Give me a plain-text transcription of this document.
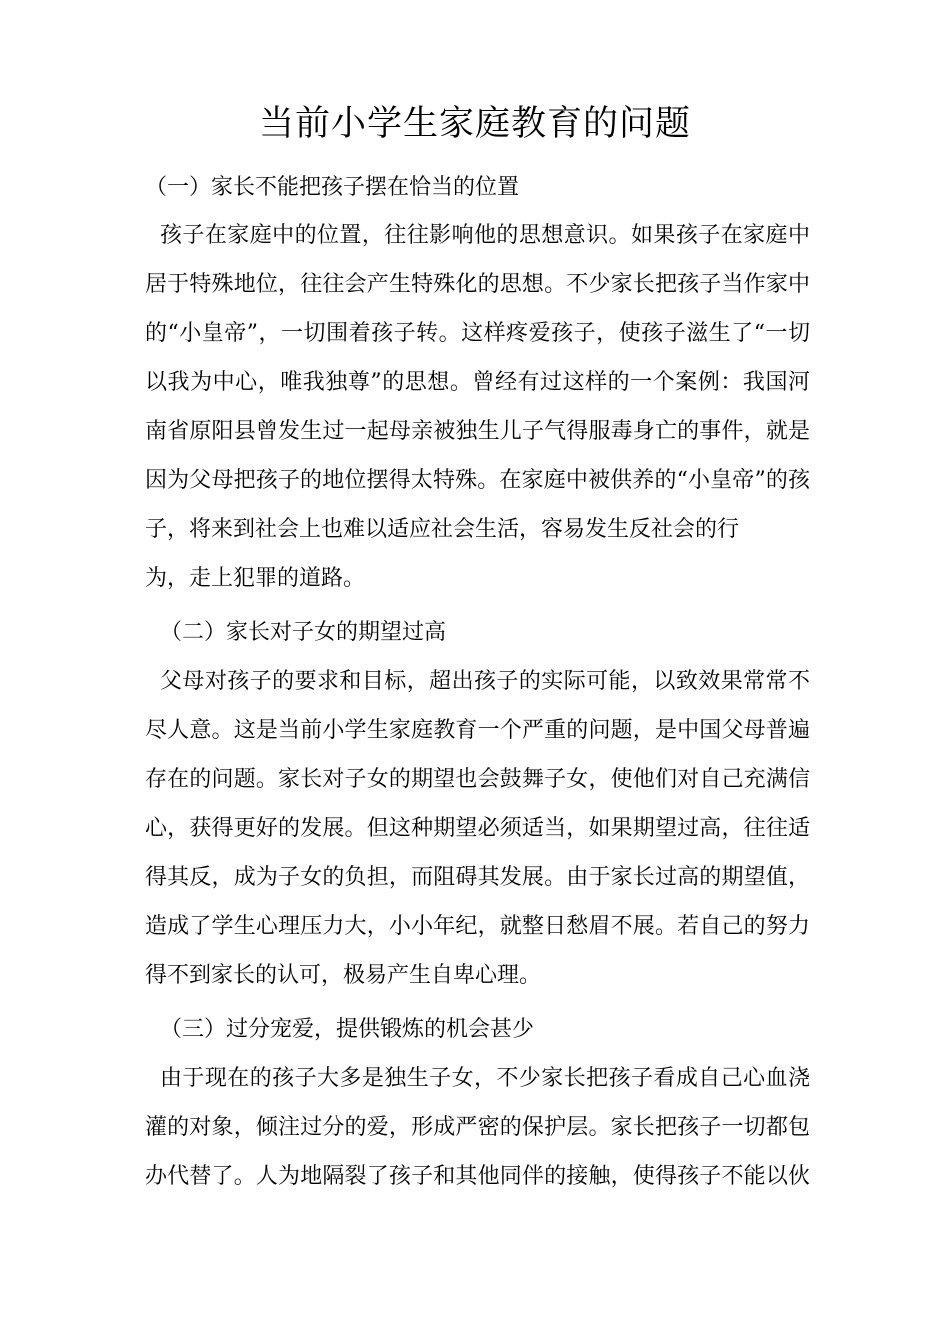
当前小学生家庭教育的问题

（一）家长不能把孩子摆在恰当的位置

孩子在家庭中的位置，往往影响他的思想意识。如果孩子在家庭中

居于特殊地位，往往会产生特殊化的思想。不少家长把孩子当作家中

的“小皇帝”，一切围着孩子转。这样疼爱孩子，使孩子滋生了“一切

以我为中心，唯我独尊”的思想。曾经有过这样的一个案例：我国河

南省原阳县曾发生过一起母亲被独生儿子气得服毒身亡的事件，就是

因为父母把孩子的地位摆得太特殊。在家庭中被供养的“小皇帝”的孩

子，将来到社会上也难以适应社会生活，容易发生反社会的行

为，走上犯罪的道路。

（二）家长对子女的期望过高

父母对孩子的要求和目标，超出孩子的实际可能，以致效果常常不

尽人意。这是当前小学生家庭教育一个严重的问题，是中国父母普遍

存在的问题。家长对子女的期望也会鼓舞子女，使他们对自己充满信

心，获得更好的发展。但这种期望必须适当，如果期望过高，往往适

得其反，成为子女的负担，而阻碍其发展。由于家长过高的期望值，

造成了学生心理压力大，小小年纪，就整日愁眉不展。若自己的努力

得不到家长的认可，极易产生自卑心理。

（三）过分宠爱，提供锻炼的机会甚少

由于现在的孩子大多是独生子女，不少家长把孩子看成自己心血浇

灌的对象，倾注过分的爱，形成严密的保护层。家长把孩子一切都包

办代替了。人为地隔裂了孩子和其他同伴的接触，使得孩子不能以伙
